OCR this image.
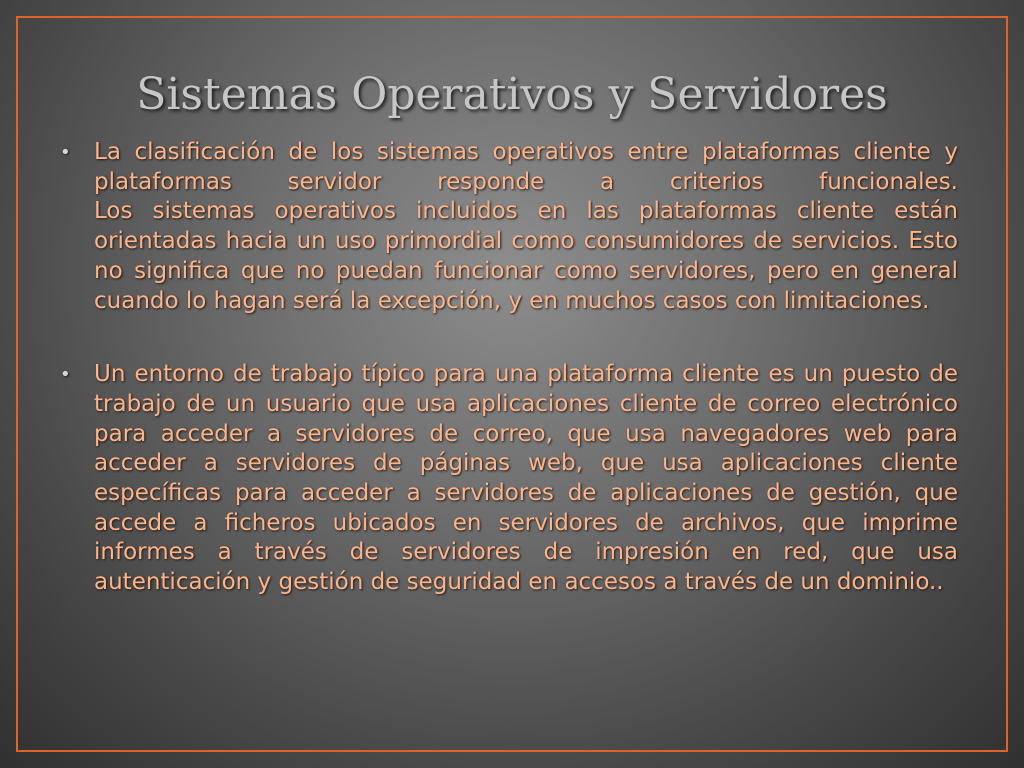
Sistemas Operativos y Servidores
•	La clasificación de los sistemas operativos entre plataformas cliente y plataformas servidor responde a criterios funcionales.
Los sistemas operativos incluidos en las plataformas cliente están orientadas hacia un uso primordial como consumidores de servicios. Esto no significa que no puedan funcionar como servidores, pero en general cuando lo hagan será la excepción, y en muchos casos con limitaciones.

•	Un entorno de trabajo típico para una plataforma cliente es un puesto de trabajo de un usuario que usa aplicaciones cliente de correo electrónico para acceder a servidores de correo, que usa navegadores web para acceder a servidores de páginas web, que usa aplicaciones cliente específicas para acceder a servidores de aplicaciones de gestión, que accede a ficheros ubicados en servidores de archivos, que imprime informes a través de servidores de impresión en red, que usa autenticación y gestión de seguridad en accesos a través de un dominio..
